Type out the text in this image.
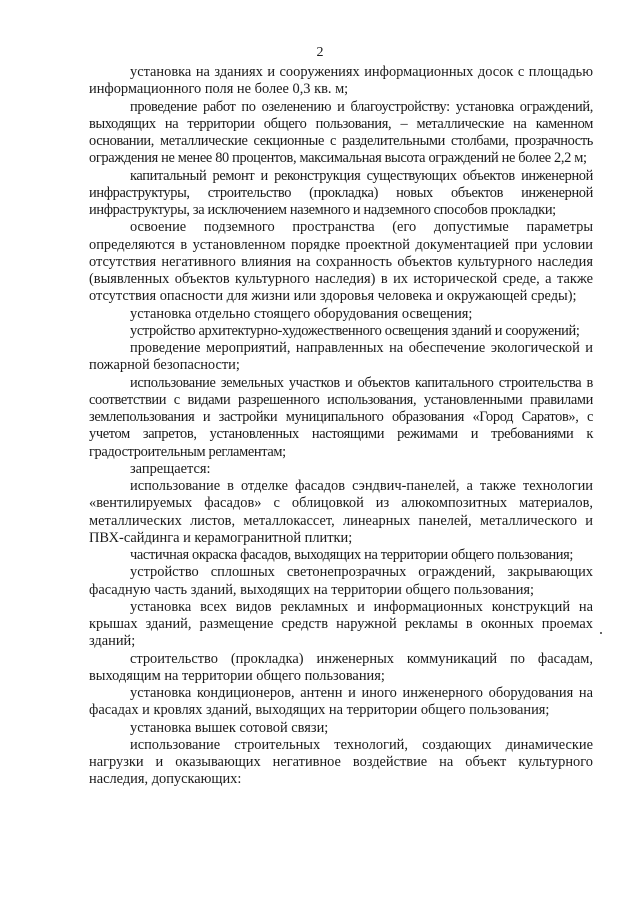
2

установка на зданиях и сооружениях информационных досок с площадью информационного поля не более 0,3 кв. м;

проведение работ по озеленению и благоустройству: установка ограждений, выходящих на территории общего пользования, – металлические на каменном основании, металлические секционные с разделительными столбами, прозрачность ограждения не менее 80 процентов, максимальная высота ограждений не более 2,2 м;

капитальный ремонт и реконструкция существующих объектов инженерной инфраструктуры, строительство (прокладка) новых объектов инженерной инфраструктуры, за исключением наземного и надземного способов прокладки;

освоение подземного пространства (его допустимые параметры определяются в установленном порядке проектной документацией при условии отсутствия негативного влияния на сохранность объектов культурного наследия (выявленных объектов культурного наследия) в их исторической среде, а также отсутствия опасности для жизни или здоровья человека и окружающей среды);

установка отдельно стоящего оборудования освещения;

устройство архитектурно-художественного освещения зданий и сооружений;

проведение мероприятий, направленных на обеспечение экологической и пожарной безопасности;

использование земельных участков и объектов капитального строительства в соответствии с видами разрешенного использования, установленными правилами землепользования и застройки муниципального образования «Город Саратов», с учетом запретов, установленных настоящими режимами и требованиями к градостроительным регламентам;

запрещается:

использование в отделке фасадов сэндвич-панелей, а также технологии «вентилируемых фасадов» с облицовкой из алюкомпозитных материалов, металлических листов, металлокассет, линеарных панелей, металлического и ПВХ-сайдинга и керамогранитной плитки;

частичная окраска фасадов, выходящих на территории общего пользования;

устройство сплошных светонепрозрачных ограждений, закрывающих фасадную часть зданий, выходящих на территории общего пользования;

установка всех видов рекламных и информационных конструкций на крышах зданий, размещение средств наружной рекламы в оконных проемах зданий;

строительство (прокладка) инженерных коммуникаций по фасадам, выходящим на территории общего пользования;

установка кондиционеров, антенн и иного инженерного оборудования на фасадах и кровлях зданий, выходящих на территории общего пользования;

установка вышек сотовой связи;

использование строительных технологий, создающих динамические нагрузки и оказывающих негативное воздействие на объект культурного наследия, допускающих:
